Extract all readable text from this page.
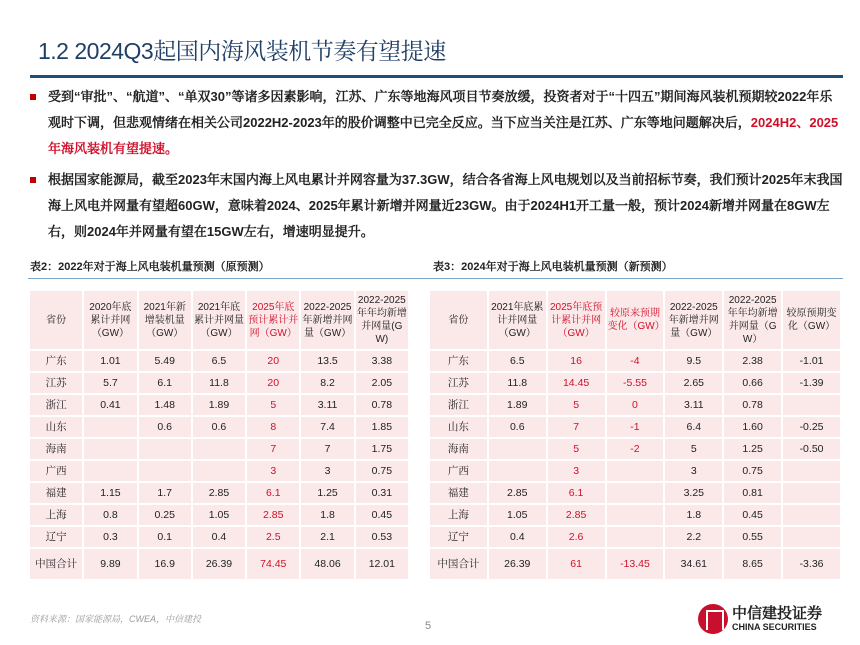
1.2 2024Q3起国内海风装机节奏有望提速
受到“审批”、“航道”、“单双30”等诸多因素影响，江苏、广东等地海风项目节奏放缓，投资者对于“十四五”期间海风装机预期较2022年乐观时下调，但悲观情绪在相关公司2022H2-2023年的股价调整中已完全反应。当下应当关注是江苏、广东等地问题解决后，2024H2、2025年海风装机有望提速。
根据国家能源局，截至2023年末国内海上风电累计并网容量为37.3GW，结合各省海上风电规划以及当前招标节奏，我们预计2025年末我国海上风电并网量有望超60GW，意味着2024、2025年累计新增并网量近23GW。由于2024H1开工量一般，预计2024新增并网量在8GW左右，则2024年并网量有望在15GW左右，增速明显提升。
表2：2022年对于海上风电装机量预测（原预测）	表3：2024年对于海上风电装机量预测（新预测）
省份	2020年底累计并网（GW）	2021年新增装机量（GW）	2021年底累计并网量（GW）	2025年底预计累计并网（GW）	2022-2025年新增并网量（GW）	2022-2025年年均新增并网量(GW)
广东	1.01	5.49	6.5	20	13.5	3.38
江苏	5.7	6.1	11.8	20	8.2	2.05
浙江	0.41	1.48	1.89	5	3.11	0.78
山东		0.6	0.6	8	7.4	1.85
海南				7	7	1.75
广西				3	3	0.75
福建	1.15	1.7	2.85	6.1	1.25	0.31
上海	0.8	0.25	1.05	2.85	1.8	0.45
辽宁	0.3	0.1	0.4	2.5	2.1	0.53
中国合计	9.89	16.9	26.39	74.45	48.06	12.01
省份	2021年底累计并网量（GW）	2025年底预计累计并网（GW）	较原来预期变化（GW）	2022-2025年新增并网量（GW）	2022-2025年年均新增并网量（GW）	较原预期变化（GW）
广东	6.5	16	-4	9.5	2.38	-1.01
江苏	11.8	14.45	-5.55	2.65	0.66	-1.39
浙江	1.89	5	0	3.11	0.78	
山东	0.6	7	-1	6.4	1.60	-0.25
海南		5	-2	5	1.25	-0.50
广西		3		3	0.75	
福建	2.85	6.1		3.25	0.81	
上海	1.05	2.85		1.8	0.45	
辽宁	0.4	2.6		2.2	0.55	
中国合计	26.39	61	-13.45	34.61	8.65	-3.36
资料来源：国家能源局，CWEA，中信建投
5
中信建投证券
CHINA SECURITIES
